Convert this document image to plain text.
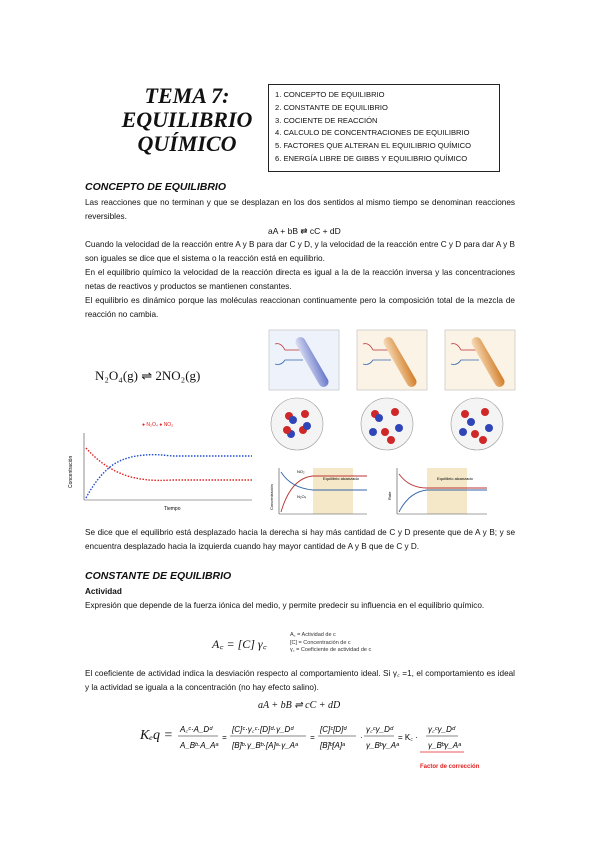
TEMA 7:
EQUILIBRIO
QUÍMICO
1. CONCEPTO DE EQUILIBRIO
2. CONSTANTE DE EQUILIBRIO
3. COCIENTE DE REACCIÓN
4. CALCULO DE CONCENTRACIONES DE EQUILIBRIO
5. FACTORES QUE ALTERAN EL EQUILIBRIO QUÍMICO
6. ENERGÍA LIBRE DE GIBBS Y EQUILIBRIO QUÍMICO
CONCEPTO DE EQUILIBRIO
Las reacciones que no terminan y que se desplazan en los dos sentidos al mismo tiempo se denominan reacciones reversibles.
aA + bB ⇄ cC + dD
Cuando la velocidad de la reacción entre A y B para dar C y D, y la velocidad de la reacción entre C y D para dar A y B son iguales se dice que el sistema o la reacción está en equilibrio.
En el equilibrio químico la velocidad de la reacción directa es igual a la de la reacción inversa y las concentraciones netas de reactivos y productos se mantienen constantes.
El equilibrio es dinámico porque las moléculas reaccionan continuamente pero la composición total de la mezcla de reacción no cambia.
N₂O₄(g) ⇌ 2NO₂(g)
● N₂O₄ ● NO₂
Concentración
Tiempo	Concentración
NO₂
N₂O₄
Equilibrio alcanzado
Rate
Equilibrio alcanzado
Se dice que el equilibrio está desplazado hacia la derecha si hay más cantidad de C y D presente que de A y B; y se encuentra desplazado hacia la izquierda cuando hay mayor cantidad de A y B que de C y D.
CONSTANTE DE EQUILIBRIO
Actividad
Expresión que depende de la fuerza iónica del medio, y permite predecir su influencia en el equilibrio químico.
A꜀ = [C] γ꜀
A꜀ = Actividad de c
[C] = Concentración de c
γ꜀ = Coeficiente de actividad de c
El coeficiente de actividad indica la desviación respecto al comportamiento ideal. Si γ꜀ =1, el comportamiento es ideal y la actividad se iguala a la concentración (no hay efecto salino).
aA + bB ⇌ cC + dD
Kₑq = A꜀ᶜ·A_Dᵈ
A_Bᵇ·A_Aᵃ
=
[C]ᶜ·γ꜀ᶜ·[D]ᵈ·γ_Dᵈ
[B]ᵇ·γ_Bᵇ·[A]ᵃ·γ_Aᵃ
=
[C]ᶜ[D]ᵈ
[B]ᵇ[A]ᵃ
·
γ꜀ᶜγ_Dᵈ
γ_Bᵇγ_Aᵃ
= K꜀ ·
γ꜀ᶜγ_Dᵈ
γ_Bᵇγ_Aᵃ
Factor de corrección
